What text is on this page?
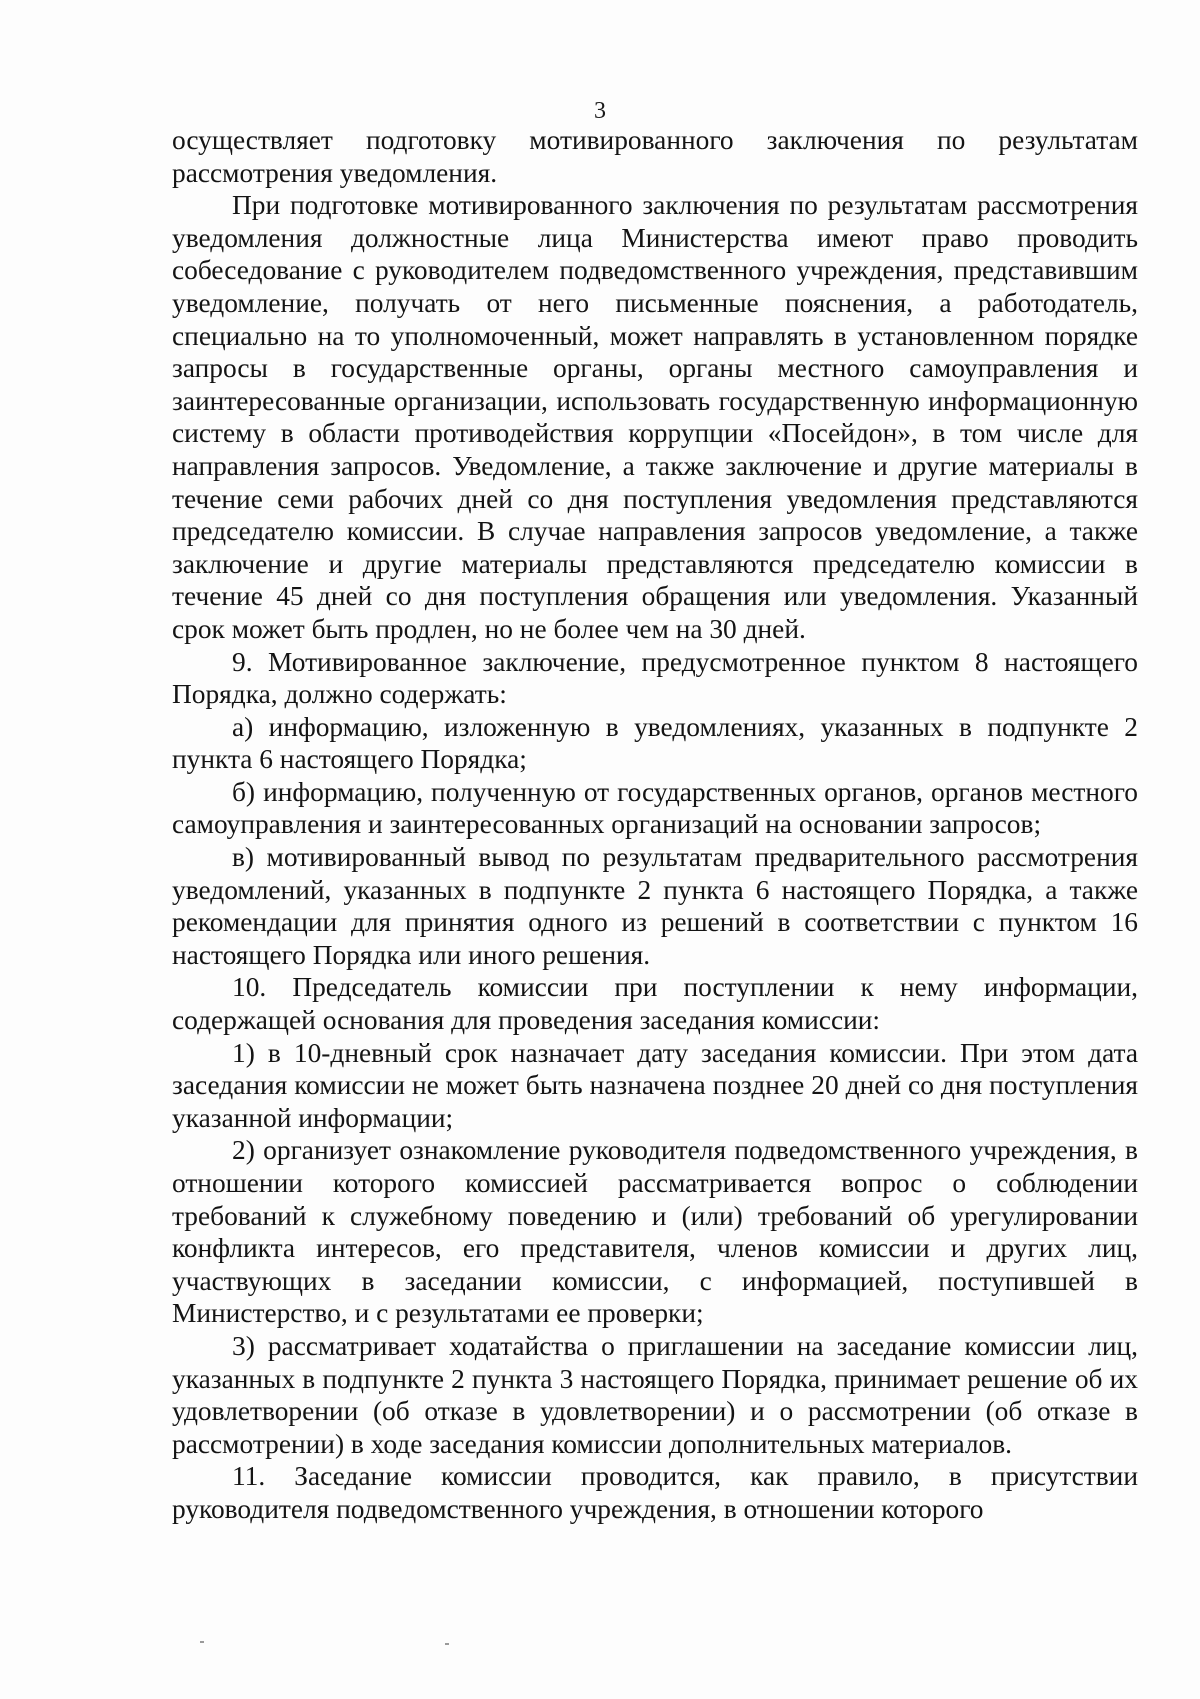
3

осуществляет подготовку мотивированного заключения по результатам рассмотрения уведомления.

При подготовке мотивированного заключения по результатам рассмотрения уведомления должностные лица Министерства имеют право проводить собеседование с руководителем подведомственного учреждения, представившим уведомление, получать от него письменные пояснения, а работодатель, специально на то уполномоченный, может направлять в установленном порядке запросы в государственные органы, органы местного самоуправления и заинтересованные организации, использовать государственную информационную систему в области противодействия коррупции «Посейдон», в том числе для направления запросов. Уведомление, а также заключение и другие материалы в течение семи рабочих дней со дня поступления уведомления представляются председателю комиссии. В случае направления запросов уведомление, а также заключение и другие материалы представляются председателю комиссии в течение 45 дней со дня поступления обращения или уведомления. Указанный срок может быть продлен, но не более чем на 30 дней.

9. Мотивированное заключение, предусмотренное пунктом 8 настоящего Порядка, должно содержать:

а) информацию, изложенную в уведомлениях, указанных в подпункте 2 пункта 6 настоящего Порядка;

б) информацию, полученную от государственных органов, органов местного самоуправления и заинтересованных организаций на основании запросов;

в) мотивированный вывод по результатам предварительного рассмотрения уведомлений, указанных в подпункте 2 пункта 6 настоящего Порядка, а также рекомендации для принятия одного из решений в соответствии с пунктом 16 настоящего Порядка или иного решения.

10. Председатель комиссии при поступлении к нему информации, содержащей основания для проведения заседания комиссии:

1) в 10-дневный срок назначает дату заседания комиссии. При этом дата заседания комиссии не может быть назначена позднее 20 дней со дня поступления указанной информации;

2) организует ознакомление руководителя подведомственного учреждения, в отношении которого комиссией рассматривается вопрос о соблюдении требований к служебному поведению и (или) требований об урегулировании конфликта интересов, его представителя, членов комиссии и других лиц, участвующих в заседании комиссии, с информацией, поступившей в Министерство, и с результатами ее проверки;

3) рассматривает ходатайства о приглашении на заседание комиссии лиц, указанных в подпункте 2 пункта 3 настоящего Порядка, принимает решение об их удовлетворении (об отказе в удовлетворении) и о рассмотрении (об отказе в рассмотрении) в ходе заседания комиссии дополнительных материалов.

11. Заседание комиссии проводится, как правило, в присутствии руководителя подведомственного учреждения, в отношении которого
